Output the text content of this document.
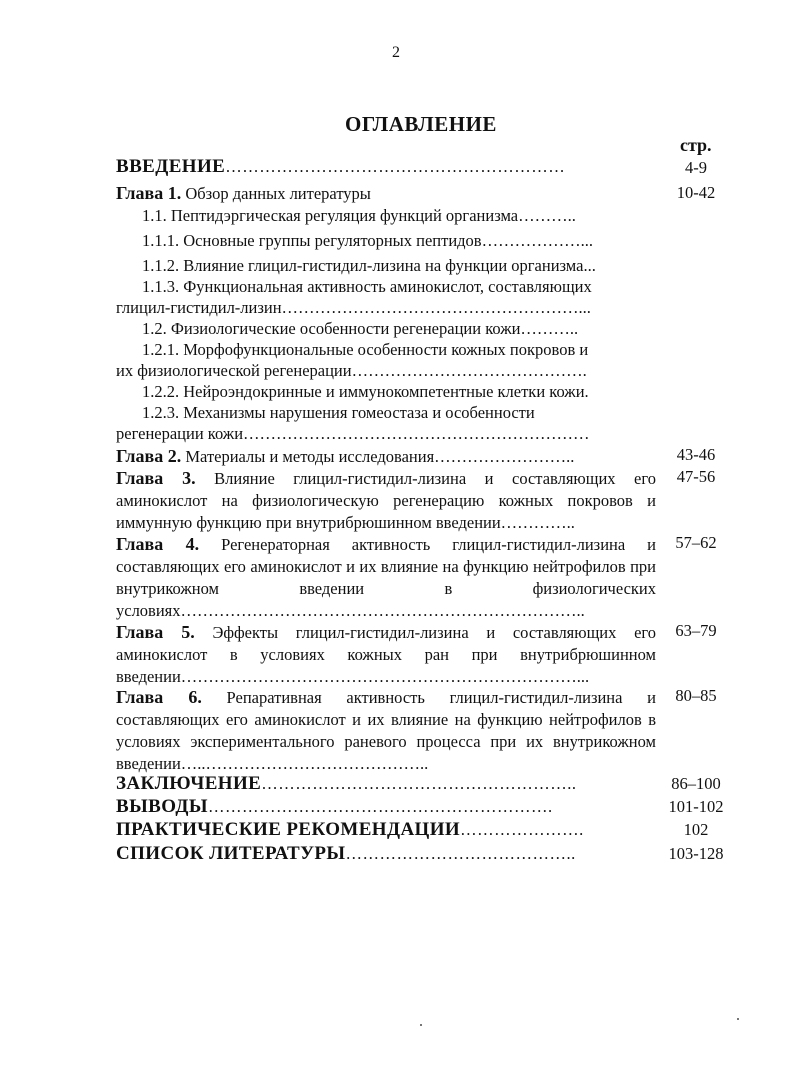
2
ОГЛАВЛЕНИЕ
стр.
ВВЕДЕНИЕ……………………………………………………	4-9
Глава 1. Обзор данных литературы	10-42
1.1. Пептидэргическая регуляция функций организма………..
1.1.1. Основные группы регуляторных пептидов………………...
1.1.2. Влияние глицил-гистидил-лизина на функции организма...
1.1.3. Функциональная активность аминокислот, составляющих
глицил-гистидил-лизин………………………………………………...
1.2. Физиологические особенности регенерации кожи………..
1.2.1. Морфофункциональные особенности кожных покровов и
их физиологической регенерации…………………………………….
1.2.2. Нейроэндокринные и иммунокомпетентные клетки кожи.
1.2.3. Механизмы нарушения гомеостаза и особенности
регенерации кожи………………………………………………………
Глава 2. Материалы и методы исследования……………………..	43-46
Глава 3. Влияние глицил-гистидил-лизина и составляющих его аминокислот на физиологическую регенерацию кожных покровов и иммунную функцию при внутрибрюшинном введении…………..
47-56
Глава 4. Регенераторная активность глицил-гистидил-лизина и составляющих его аминокислот и их влияние на функцию нейтрофилов при внутрикожном введении в физиологических условиях………………………………………………………………..
57–62
Глава 5. Эффекты глицил-гистидил-лизина и составляющих его аминокислот в условиях кожных ран при внутрибрюшинном введении………………………………………………………………...
63–79
Глава 6. Репаративная активность глицил-гистидил-лизина и составляющих его аминокислот и их влияние на функцию нейтрофилов в условиях экспериментального раневого процесса при их внутрикожном введении…..…………………………………..
80–85
ЗАКЛЮЧЕНИЕ………………………………………………..	86–100
ВЫВОДЫ…………………………………………………….	101-102
ПРАКТИЧЕСКИЕ РЕКОМЕНДАЦИИ………………….	102
СПИСОК ЛИТЕРАТУРЫ…………………………………..	103-128
